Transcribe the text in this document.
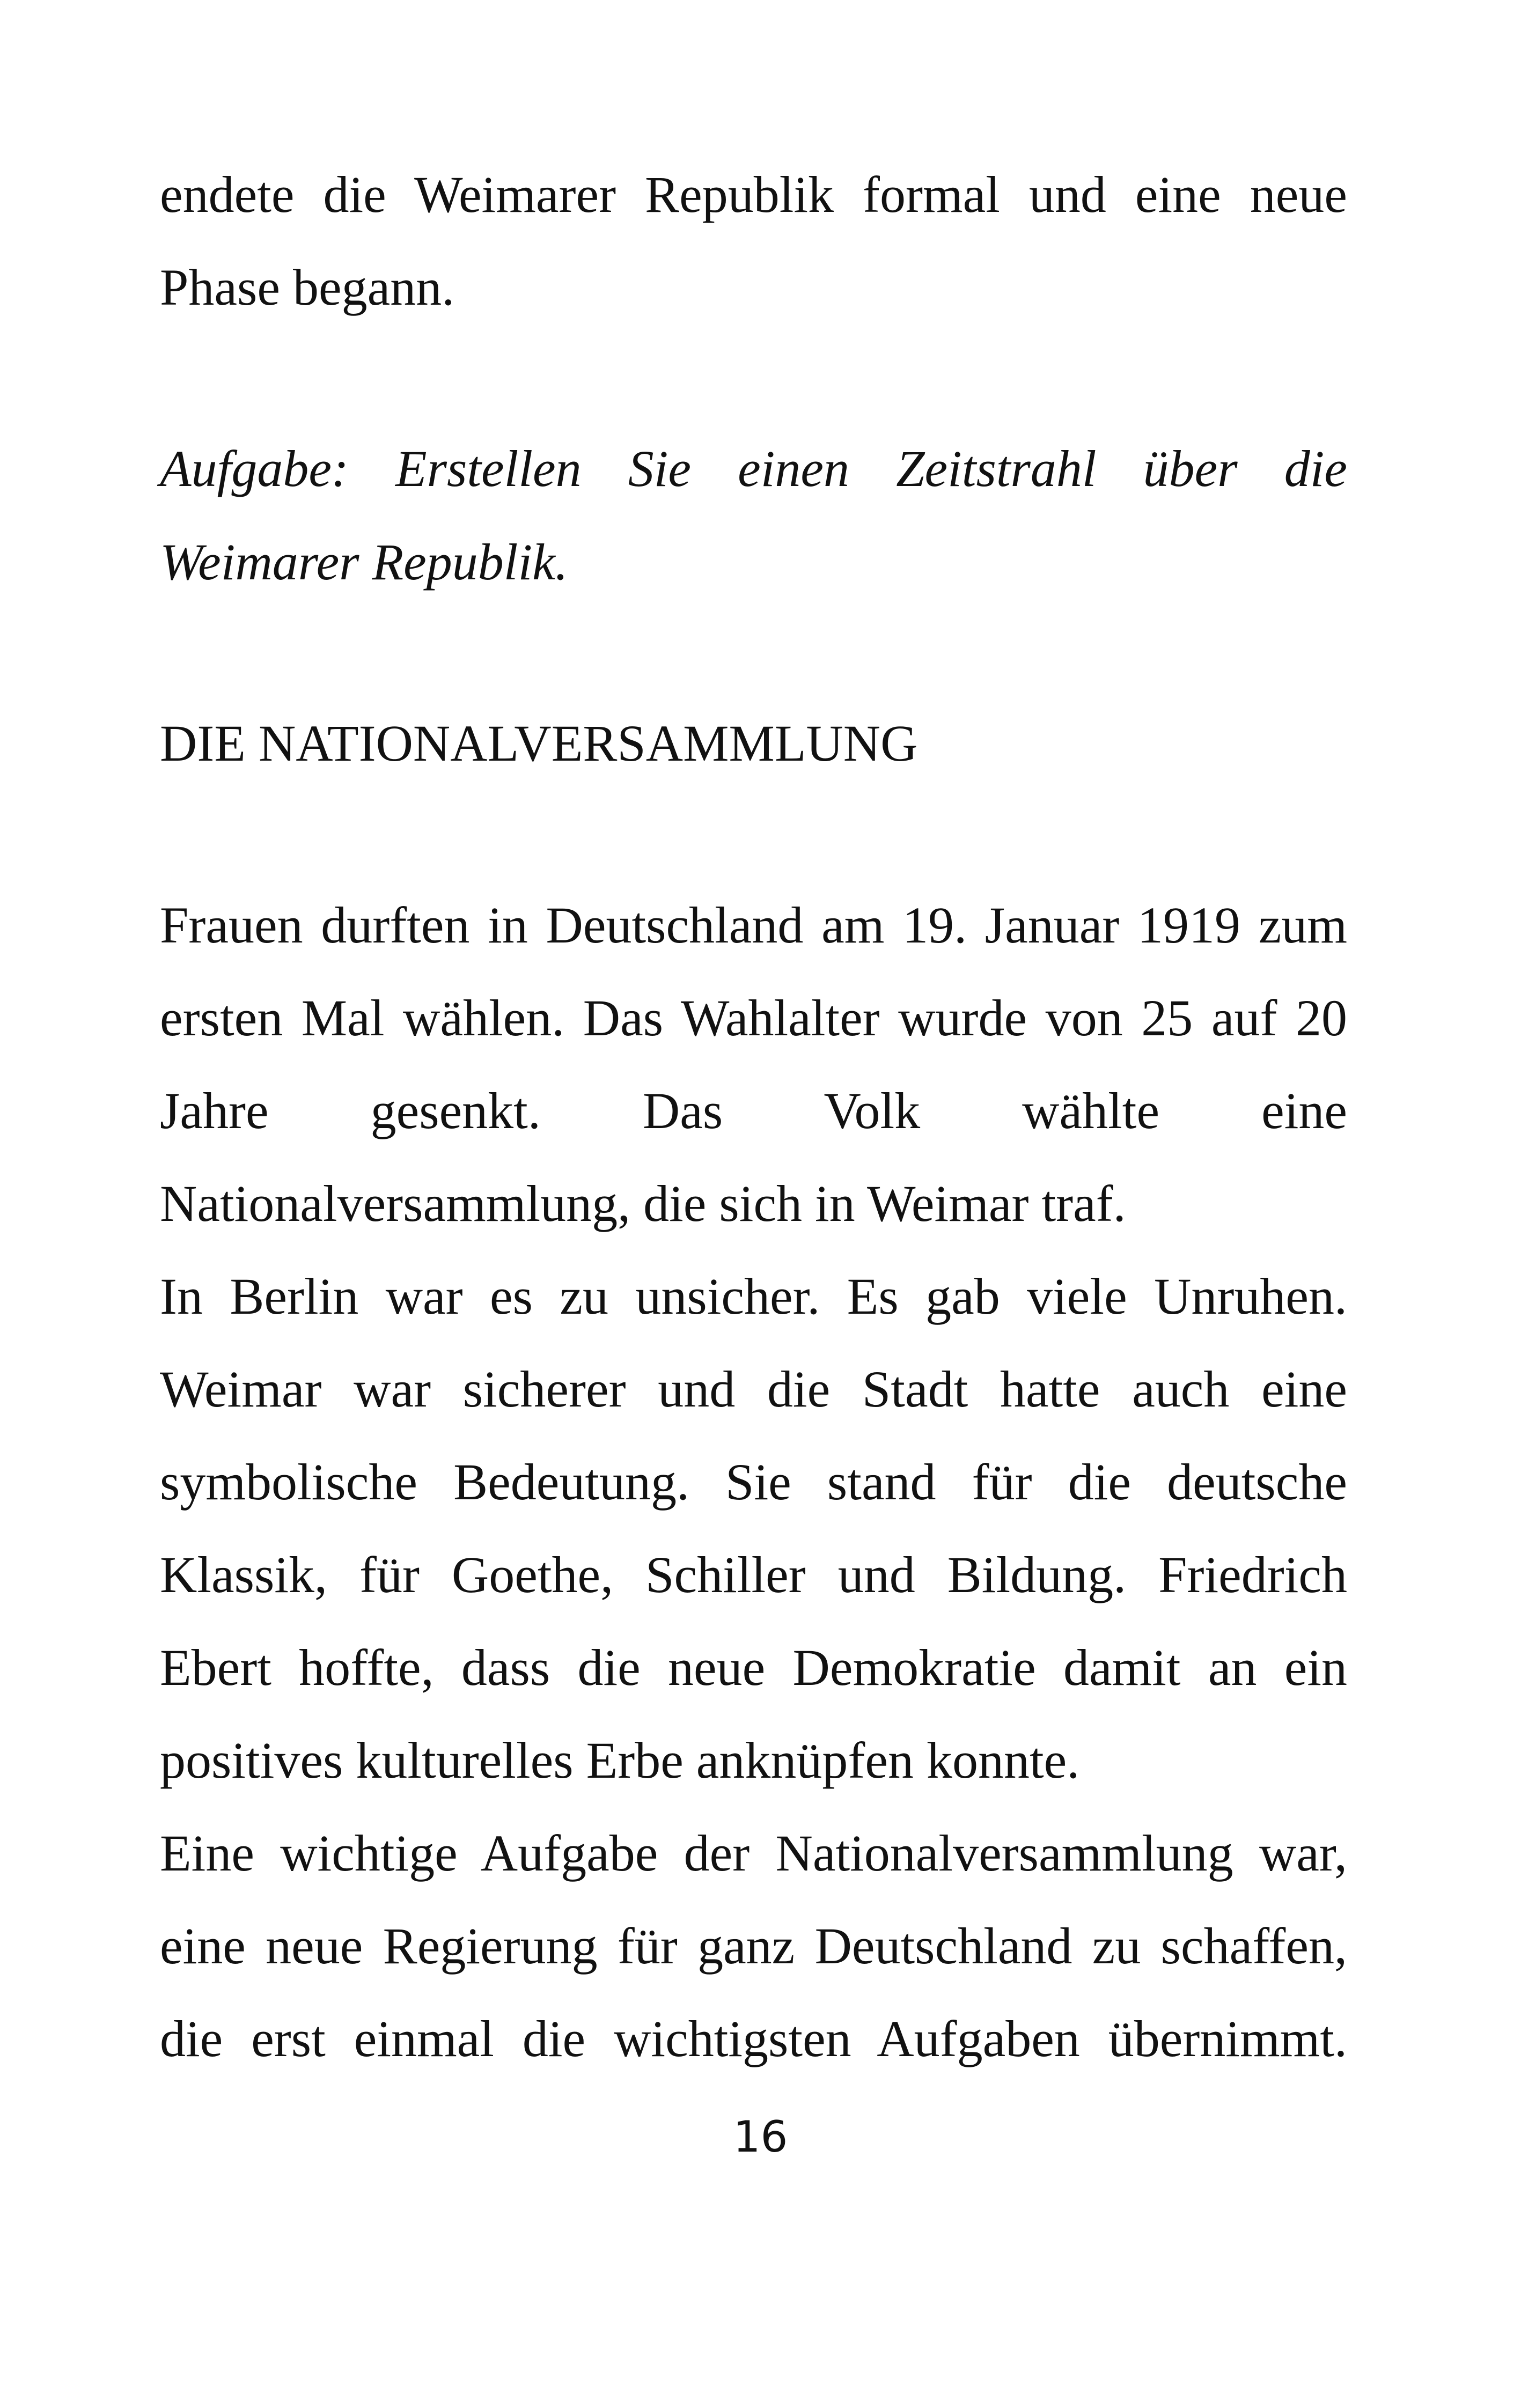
endete die Weimarer Republik formal und eine neue
Phase begann.
Aufgabe: Erstellen Sie einen Zeitstrahl über die
Weimarer Republik.
DIE NATIONALVERSAMMLUNG
Frauen durften in Deutschland am 19. Januar 1919 zum
ersten Mal wählen. Das Wahlalter wurde von 25 auf 20
Jahre gesenkt. Das Volk wählte eine
Nationalversammlung, die sich in Weimar traf.
In Berlin war es zu unsicher. Es gab viele Unruhen.
Weimar war sicherer und die Stadt hatte auch eine
symbolische Bedeutung. Sie stand für die deutsche
Klassik, für Goethe, Schiller und Bildung. Friedrich
Ebert hoffte, dass die neue Demokratie damit an ein
positives kulturelles Erbe anknüpfen konnte.
Eine wichtige Aufgabe der Nationalversammlung war,
eine neue Regierung für ganz Deutschland zu schaffen,
die erst einmal die wichtigsten Aufgaben übernimmt.
16
